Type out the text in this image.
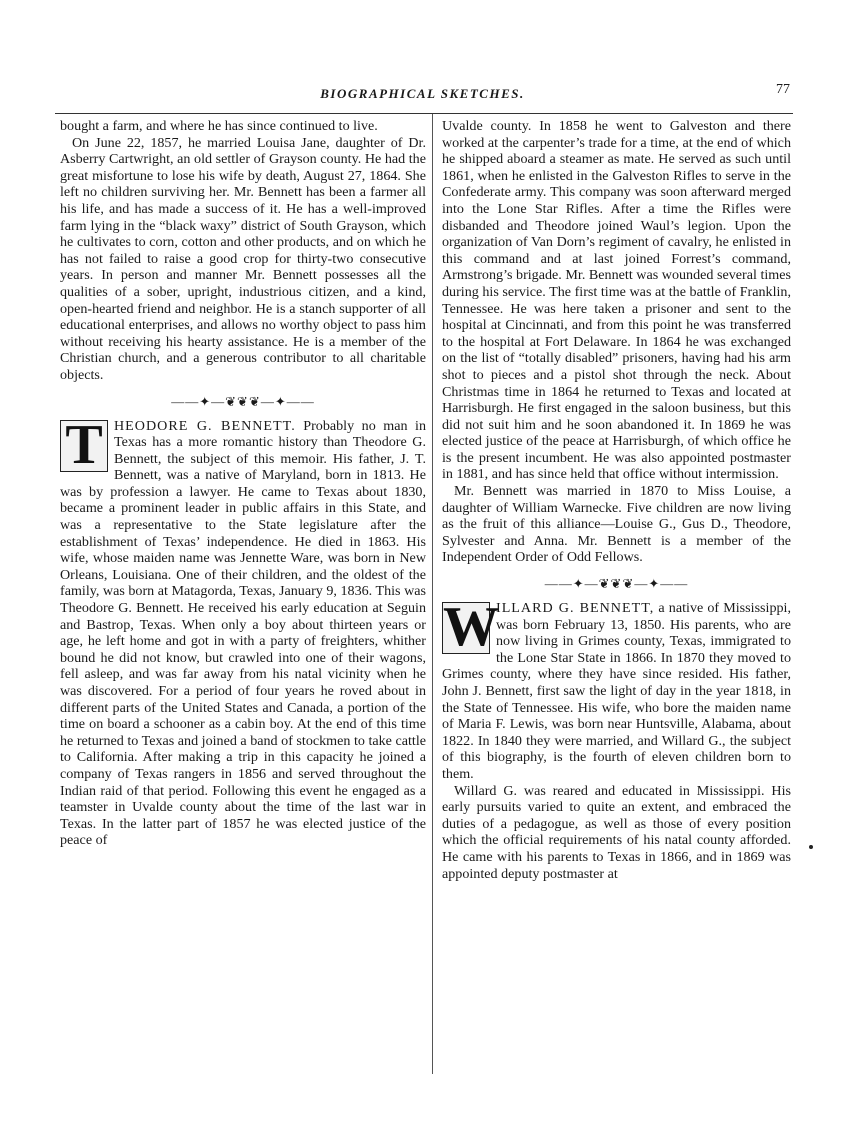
BIOGRAPHICAL SKETCHES.	77

bought a farm, and where he has since continued to live.

On June 22, 1857, he married Louisa Jane, daughter of Dr. Asberry Cartwright, an old settler of Grayson county. He had the great misfortune to lose his wife by death, August 27, 1864. She left no children surviving her. Mr. Bennett has been a farmer all his life, and has made a success of it. He has a well-improved farm lying in the “black waxy” district of South Grayson, which he cultivates to corn, cotton and other products, and on which he has not failed to raise a good crop for thirty-two consecutive years. In person and manner Mr. Bennett possesses all the qualities of a sober, upright, industrious citizen, and a kind, open-hearted friend and neighbor. He is a stanch supporter of all educational enterprises, and allows no worthy object to pass him without receiving his hearty assistance. He is a member of the Christian church, and a generous contributor to all charitable objects.

——✦—❦❦❦—✦——

T HEODORE G. BENNETT. Probably no man in Texas has a more romantic history than Theodore G. Bennett, the subject of this memoir. His father, J. T. Bennett, was a native of Maryland, born in 1813. He was by profession a lawyer. He came to Texas about 1830, became a prominent leader in public affairs in this State, and was a representative to the State legislature after the establishment of Texas’ independence. He died in 1863. His wife, whose maiden name was Jennette Ware, was born in New Orleans, Louisiana. One of their children, and the oldest of the family, was born at Matagorda, Texas, January 9, 1836. This was Theodore G. Bennett. He received his early education at Seguin and Bastrop, Texas. When only a boy about thirteen years or age, he left home and got in with a party of freighters, whither bound he did not know, but crawled into one of their wagons, fell asleep, and was far away from his natal vicinity when he was discovered. For a period of four years he roved about in different parts of the United States and Canada, a portion of the time on board a schooner as a cabin boy. At the end of this time he returned to Texas and joined a band of stockmen to take cattle to California. After making a trip in this capacity he joined a company of Texas rangers in 1856 and served throughout the Indian raid of that period. Following this event he engaged as a teamster in Uvalde county about the time of the last war in Texas. In the latter part of 1857 he was elected justice of the peace of

Uvalde county. In 1858 he went to Galveston and there worked at the carpenter’s trade for a time, at the end of which he shipped aboard a steamer as mate. He served as such until 1861, when he enlisted in the Galveston Rifles to serve in the Confederate army. This company was soon afterward merged into the Lone Star Rifles. After a time the Rifles were disbanded and Theodore joined Waul’s legion. Upon the organization of Van Dorn’s regiment of cavalry, he enlisted in this command and at last joined Forrest’s command, Armstrong’s brigade. Mr. Bennett was wounded several times during his service. The first time was at the battle of Franklin, Tennessee. He was here taken a prisoner and sent to the hospital at Cincinnati, and from this point he was transferred to the hospital at Fort Delaware. In 1864 he was exchanged on the list of “totally disabled” prisoners, having had his arm shot to pieces and a pistol shot through the neck. About Christmas time in 1864 he returned to Texas and located at Harrisburgh. He first engaged in the saloon business, but this did not suit him and he soon abandoned it. In 1869 he was elected justice of the peace at Harrisburgh, of which office he is the present incumbent. He was also appointed postmaster in 1881, and has since held that office without intermission.

Mr. Bennett was married in 1870 to Miss Louise, a daughter of William Warnecke. Five children are now living as the fruit of this alliance—Louise G., Gus D., Theodore, Sylvester and Anna. Mr. Bennett is a member of the Independent Order of Odd Fellows.

——✦—❦❦❦—✦——

W
ILLARD G. BENNETT, a native of Mississippi, was born February 13, 1850. His parents, who are now living in Grimes county, Texas, immigrated to the Lone Star State in 1866. In 1870 they moved to Grimes county, where they have since resided. His father, John J. Bennett, first saw the light of day in the year 1818, in the State of Tennessee. His wife, who bore the maiden name of Maria F. Lewis, was born near Huntsville, Alabama, about 1822. In 1840 they were married, and Willard G., the subject of this biography, is the fourth of eleven children born to them.

Willard G. was reared and educated in Mississippi. His early pursuits varied to quite an extent, and embraced the duties of a pedagogue, as well as those of every position which the official requirements of his natal county afforded. He came with his parents to Texas in 1866, and in 1869 was appointed deputy postmaster at
